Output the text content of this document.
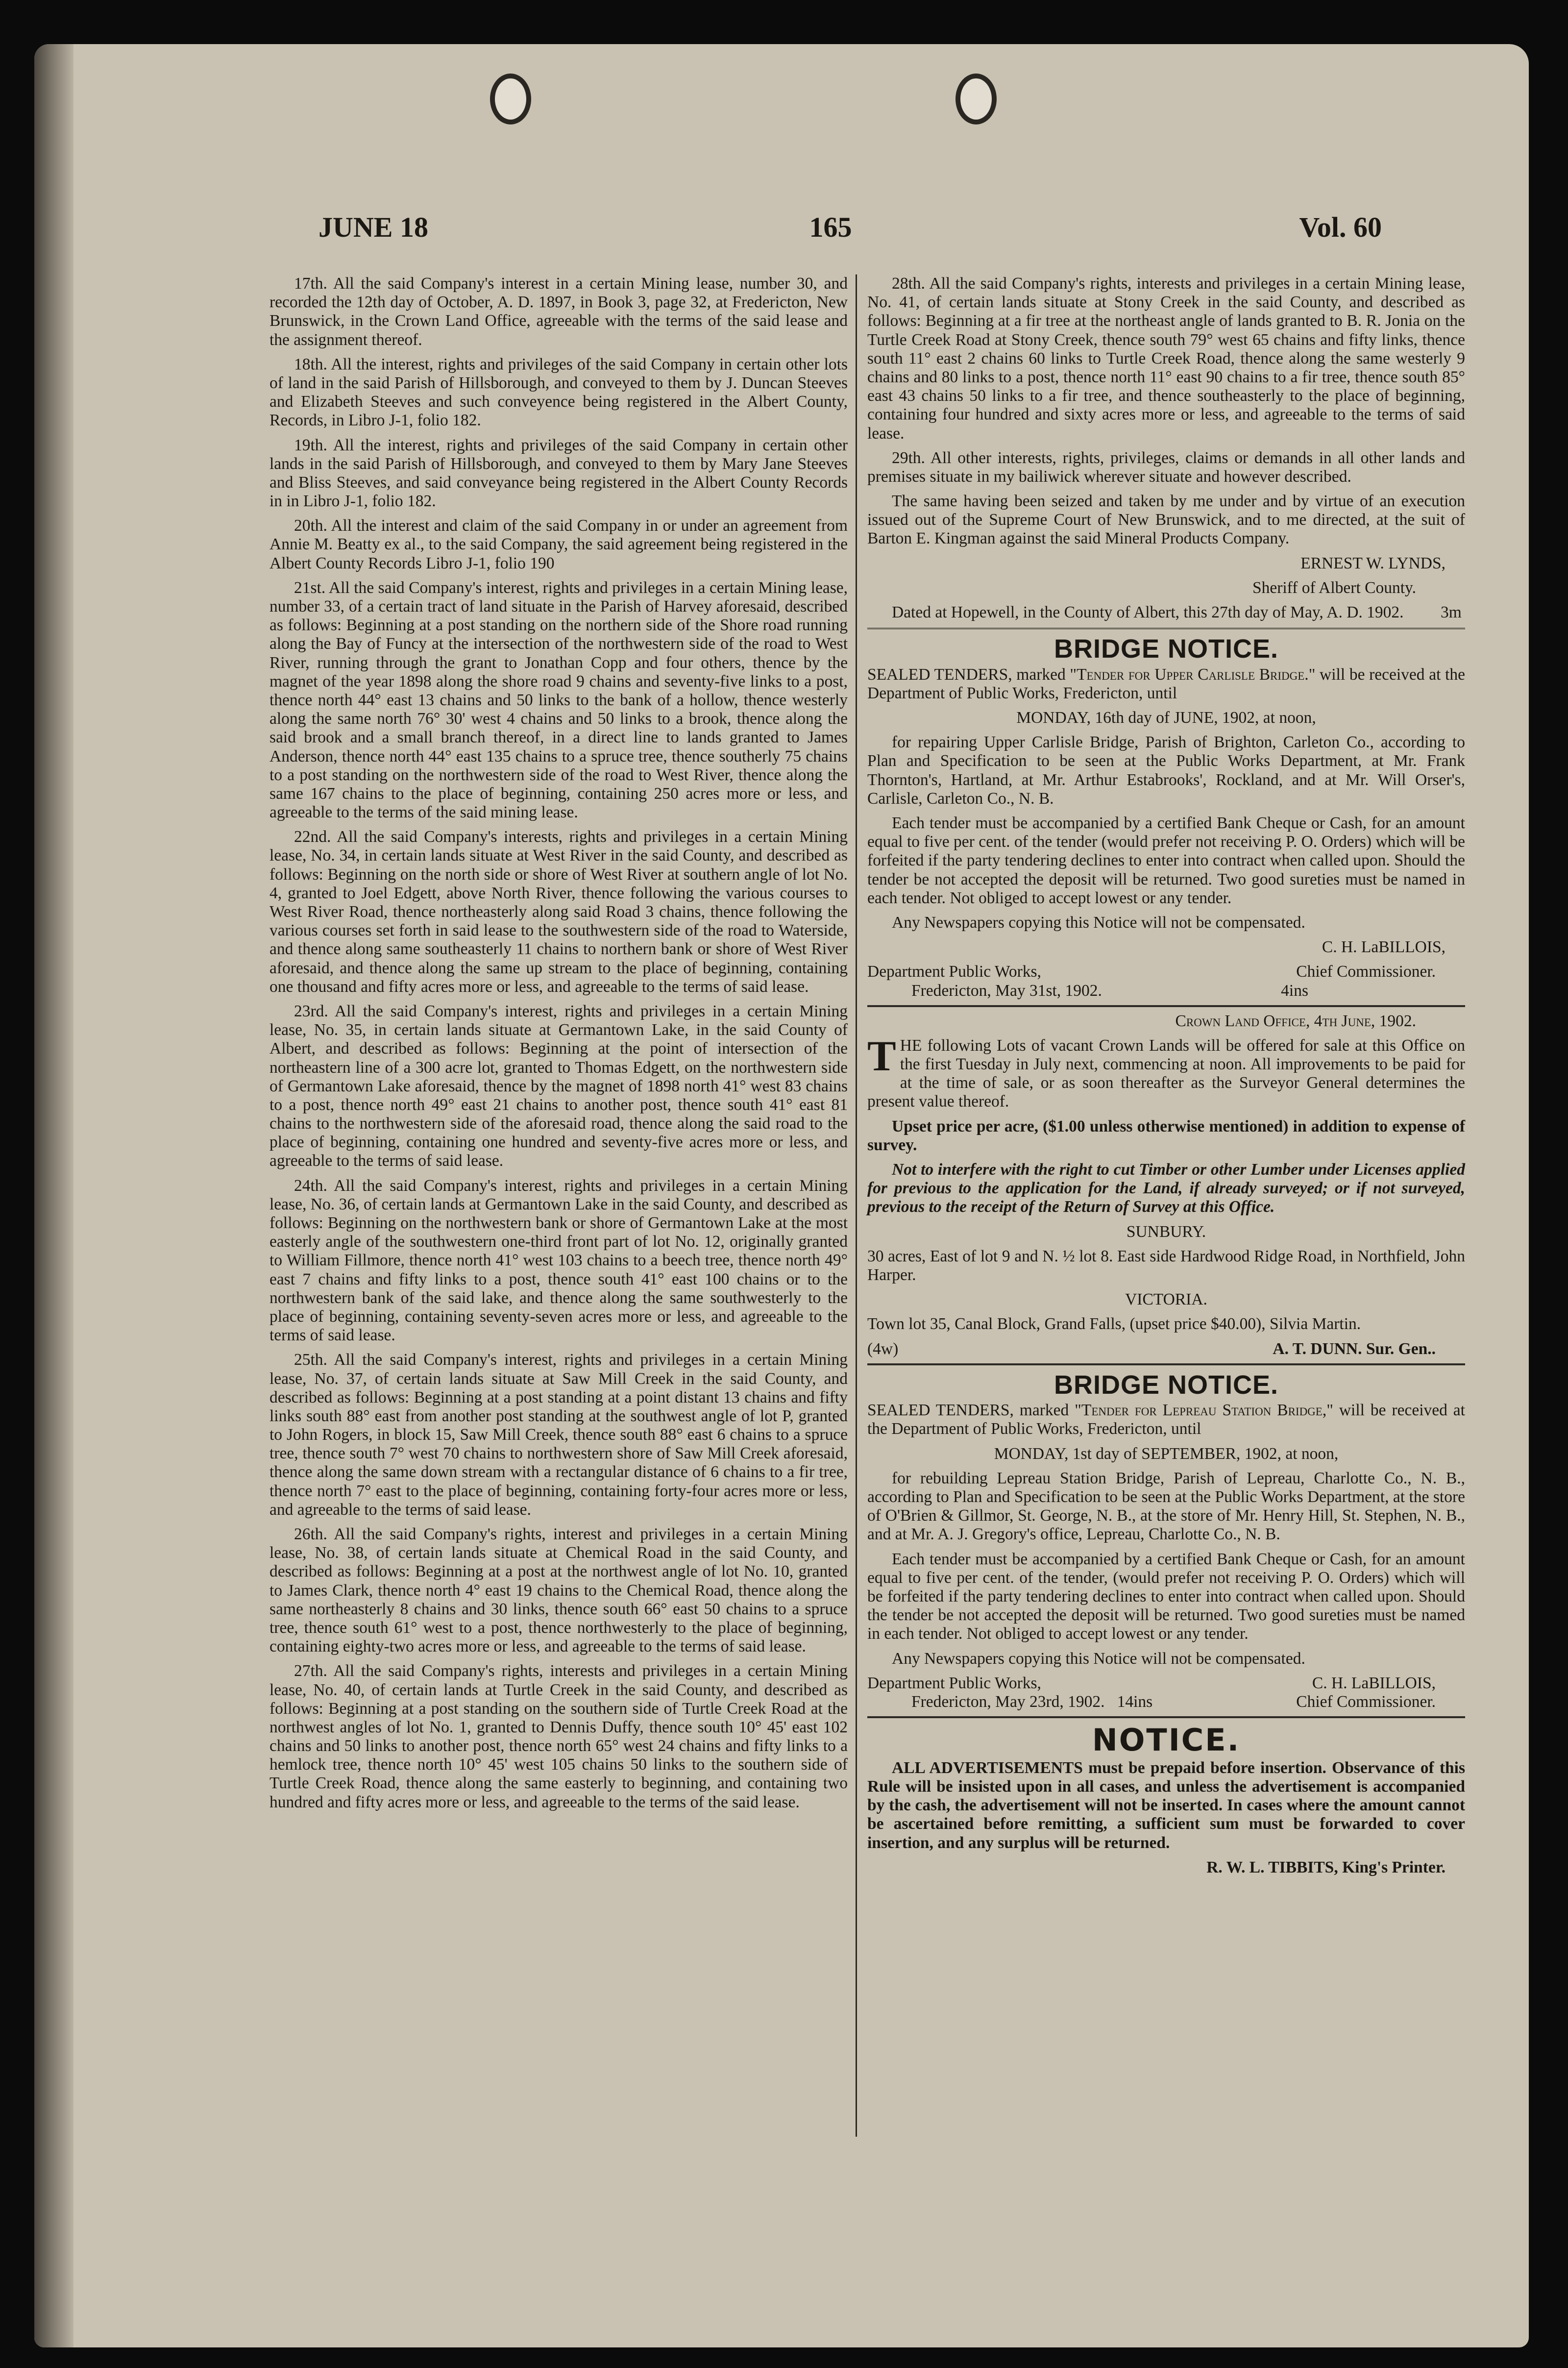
JUNE 18	165	Vol. 60

17th. All the said Company's interest in a certain Mining lease, number 30, and recorded the 12th day of October, A. D. 1897, in Book 3, page 32, at Fredericton, New Brunswick, in the Crown Land Office, agreeable with the terms of the said lease and the assignment thereof.

18th. All the interest, rights and privileges of the said Company in certain other lots of land in the said Parish of Hillsborough, and conveyed to them by J. Duncan Steeves and Elizabeth Steeves and such conveyence being registered in the Albert County, Records, in Libro J-1, folio 182.

19th. All the interest, rights and privileges of the said Company in certain other lands in the said Parish of Hillsborough, and conveyed to them by Mary Jane Steeves and Bliss Steeves, and said conveyance being registered in the Albert County Records in in Libro J-1, folio 182.

20th. All the interest and claim of the said Company in or under an agreement from Annie M. Beatty ex al., to the said Company, the said agreement being registered in the Albert County Records Libro J-1, folio 190

21st. All the said Company's interest, rights and privileges in a certain Mining lease, number 33, of a certain tract of land situate in the Parish of Harvey aforesaid, described as follows: Beginning at a post standing on the northern side of the Shore road running along the Bay of Funcy at the intersection of the northwestern side of the road to West River, running through the grant to Jonathan Copp and four others, thence by the magnet of the year 1898 along the shore road 9 chains and seventy-five links to a post, thence north 44° east 13 chains and 50 links to the bank of a hollow, thence westerly along the same north 76° 30' west 4 chains and 50 links to a brook, thence along the said brook and a small branch thereof, in a direct line to lands granted to James Anderson, thence north 44° east 135 chains to a spruce tree, thence southerly 75 chains to a post standing on the northwestern side of the road to West River, thence along the same 167 chains to the place of beginning, containing 250 acres more or less, and agreeable to the terms of the said mining lease.

22nd. All the said Company's interests, rights and privileges in a certain Mining lease, No. 34, in certain lands situate at West River in the said County, and described as follows: Beginning on the north side or shore of West River at southern angle of lot No. 4, granted to Joel Edgett, above North River, thence following the various courses to West River Road, thence northeasterly along said Road 3 chains, thence following the various courses set forth in said lease to the southwestern side of the road to Waterside, and thence along same southeasterly 11 chains to northern bank or shore of West River aforesaid, and thence along the same up stream to the place of beginning, containing one thousand and fifty acres more or less, and agreeable to the terms of said lease.

23rd. All the said Company's interest, rights and privileges in a certain Mining lease, No. 35, in certain lands situate at Germantown Lake, in the said County of Albert, and described as follows: Beginning at the point of intersection of the northeastern line of a 300 acre lot, granted to Thomas Edgett, on the northwestern side of Germantown Lake aforesaid, thence by the magnet of 1898 north 41° west 83 chains to a post, thence north 49° east 21 chains to another post, thence south 41° east 81 chains to the northwestern side of the aforesaid road, thence along the said road to the place of beginning, containing one hundred and seventy-five acres more or less, and agreeable to the terms of said lease.

24th. All the said Company's interest, rights and privileges in a certain Mining lease, No. 36, of certain lands at Germantown Lake in the said County, and described as follows: Beginning on the northwestern bank or shore of Germantown Lake at the most easterly angle of the southwestern one-third front part of lot No. 12, originally granted to William Fillmore, thence north 41° west 103 chains to a beech tree, thence north 49° east 7 chains and fifty links to a post, thence south 41° east 100 chains or to the northwestern bank of the said lake, and thence along the same southwesterly to the place of beginning, containing seventy-seven acres more or less, and agreeable to the terms of said lease.

25th. All the said Company's interest, rights and privileges in a certain Mining lease, No. 37, of certain lands situate at Saw Mill Creek in the said County, and described as follows: Beginning at a post standing at a point distant 13 chains and fifty links south 88° east from another post standing at the southwest angle of lot P, granted to John Rogers, in block 15, Saw Mill Creek, thence south 88° east 6 chains to a spruce tree, thence south 7° west 70 chains to northwestern shore of Saw Mill Creek aforesaid, thence along the same down stream with a rectangular distance of 6 chains to a fir tree, thence north 7° east to the place of beginning, containing forty-four acres more or less, and agreeable to the terms of said lease.

26th. All the said Company's rights, interest and privileges in a certain Mining lease, No. 38, of certain lands situate at Chemical Road in the said County, and described as follows: Beginning at a post at the northwest angle of lot No. 10, granted to James Clark, thence north 4° east 19 chains to the Chemical Road, thence along the same northeasterly 8 chains and 30 links, thence south 66° east 50 chains to a spruce tree, thence south 61° west to a post, thence northwesterly to the place of beginning, containing eighty-two acres more or less, and agreeable to the terms of said lease.

27th. All the said Company's rights, interests and privileges in a certain Mining lease, No. 40, of certain lands at Turtle Creek in the said County, and described as follows: Beginning at a post standing on the southern side of Turtle Creek Road at the northwest angles of lot No. 1, granted to Dennis Duffy, thence south 10° 45' east 102 chains and 50 links to another post, thence north 65° west 24 chains and fifty links to a hemlock tree, thence north 10° 45' west 105 chains 50 links to the southern side of Turtle Creek Road, thence along the same easterly to beginning, and containing two hundred and fifty acres more or less, and agreeable to the terms of the said lease.

28th. All the said Company's rights, interests and privileges in a certain Mining lease, No. 41, of certain lands situate at Stony Creek in the said County, and described as follows: Beginning at a fir tree at the northeast angle of lands granted to B. R. Jonia on the Turtle Creek Road at Stony Creek, thence south 79° west 65 chains and fifty links, thence south 11° east 2 chains 60 links to Turtle Creek Road, thence along the same westerly 9 chains and 80 links to a post, thence north 11° east 90 chains to a fir tree, thence south 85° east 43 chains 50 links to a fir tree, and thence southeasterly to the place of beginning, containing four hundred and sixty acres more or less, and agreeable to the terms of said lease.

29th. All other interests, rights, privileges, claims or demands in all other lands and premises situate in my bailiwick wherever situate and however described.

The same having been seized and taken by me under and by virtue of an execution issued out of the Supreme Court of New Brunswick, and to me directed, at the suit of Barton E. Kingman against the said Mineral Products Company.

ERNEST W. LYNDS,

Sheriff of Albert County.

Dated at Hopewell, in the County of Albert, this 27th day of May, A. D. 1902. 3m

BRIDGE NOTICE.

SEALED TENDERS, marked "Tender for Upper Carlisle Bridge." will be received at the Department of Public Works, Fredericton, until

MONDAY, 16th day of JUNE, 1902, at noon,

for repairing Upper Carlisle Bridge, Parish of Brighton, Carleton Co., according to Plan and Specification to be seen at the Public Works Department, at Mr. Frank Thornton's, Hartland, at Mr. Arthur Estabrooks', Rockland, and at Mr. Will Orser's, Carlisle, Carleton Co., N. B.

Each tender must be accompanied by a certified Bank Cheque or Cash, for an amount equal to five per cent. of the tender (would prefer not receiving P. O. Orders) which will be forfeited if the party tendering declines to enter into contract when called upon. Should the tender be not accepted the deposit will be returned. Two good sureties must be named in each tender. Not obliged to accept lowest or any tender.

Any Newspapers copying this Notice will not be compensated.

C. H. LaBILLOIS,

Department Public Works,	Chief Commissioner.
Fredericton, May 31st, 1902.	4ins

Crown Land Office, 4th June, 1902.

THE following Lots of vacant Crown Lands will be offered for sale at this Office on the first Tuesday in July next, commencing at noon. All improvements to be paid for at the time of sale, or as soon thereafter as the Surveyor General determines the present value thereof.

Upset price per acre, ($1.00 unless otherwise mentioned) in addition to expense of survey.

Not to interfere with the right to cut Timber or other Lumber under Licenses applied for previous to the application for the Land, if already surveyed; or if not surveyed, previous to the receipt of the Return of Survey at this Office.

SUNBURY.

30 acres, East of lot 9 and N. ½ lot 8. East side Hardwood Ridge Road, in Northfield, John Harper.

VICTORIA.

Town lot 35, Canal Block, Grand Falls, (upset price $40.00), Silvia Martin.

(4w)	A. T. DUNN. Sur. Gen..
BRIDGE NOTICE.

SEALED TENDERS, marked "Tender for Lepreau Station Bridge," will be received at the Department of Public Works, Fredericton, until

MONDAY, 1st day of SEPTEMBER, 1902, at noon,

for rebuilding Lepreau Station Bridge, Parish of Lepreau, Charlotte Co., N. B., according to Plan and Specification to be seen at the Public Works Department, at the store of O'Brien & Gillmor, St. George, N. B., at the store of Mr. Henry Hill, St. Stephen, N. B., and at Mr. A. J. Gregory's office, Lepreau, Charlotte Co., N. B.

Each tender must be accompanied by a certified Bank Cheque or Cash, for an amount equal to five per cent. of the tender, (would prefer not receiving P. O. Orders) which will be forfeited if the party tendering declines to enter into contract when called upon. Should the tender be not accepted the deposit will be returned. Two good sureties must be named in each tender. Not obliged to accept lowest or any tender.

Any Newspapers copying this Notice will not be compensated.

Department Public Works,	C. H. LaBILLOIS,
Fredericton, May 23rd, 1902. 14ins	Chief Commissioner.
NOTICE.

ALL ADVERTISEMENTS must be prepaid before insertion. Observance of this Rule will be insisted upon in all cases, and unless the advertisement is accompanied by the cash, the advertisement will not be inserted. In cases where the amount cannot be ascertained before remitting, a sufficient sum must be forwarded to cover insertion, and any surplus will be returned.

R. W. L. TIBBITS, King's Printer.
